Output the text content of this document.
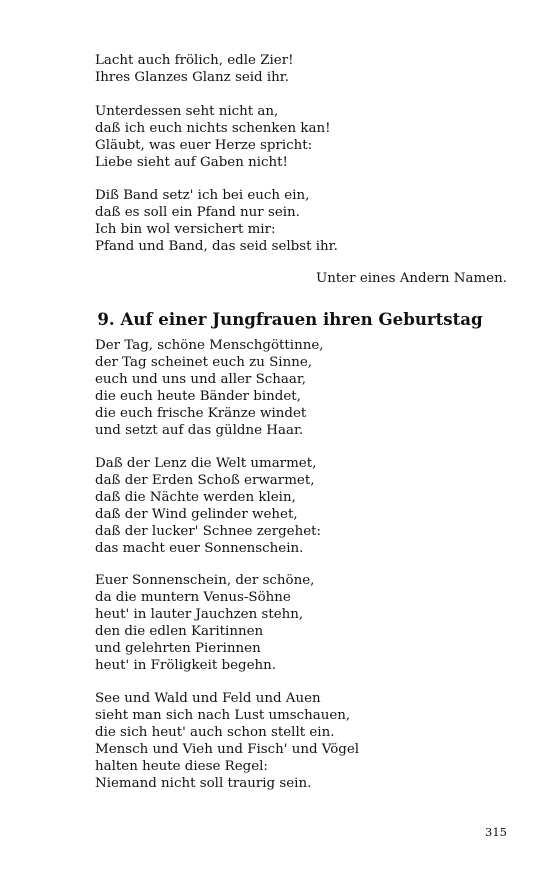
Lacht auch frölich, edle Zier!
Ihres Glanzes Glanz seid ihr.
Unterdessen seht nicht an,
daß ich euch nichts schenken kan!
Gläubt, was euer Herze spricht:
Liebe sieht auf Gaben nicht!
Diß Band setz' ich bei euch ein,
daß es soll ein Pfand nur sein.
Ich bin wol versichert mir:
Pfand und Band, das seid selbst ihr.
Unter eines Andern Namen.
9. Auf einer Jungfrauen ihren Geburtstag
Der Tag, schöne Menschgöttinne,
der Tag scheinet euch zu Sinne,
euch und uns und aller Schaar,
die euch heute Bänder bindet,
die euch frische Kränze windet
und setzt auf das güldne Haar.
Daß der Lenz die Welt umarmet,
daß der Erden Schoß erwarmet,
daß die Nächte werden klein,
daß der Wind gelinder wehet,
daß der lucker' Schnee zergehet:
das macht euer Sonnenschein.
Euer Sonnenschein, der schöne,
da die muntern Venus-Söhne
heut' in lauter Jauchzen stehn,
den die edlen Karitinnen
und gelehrten Pierinnen
heut' in Fröligkeit begehn.
See und Wald und Feld und Auen
sieht man sich nach Lust umschauen,
die sich heut' auch schon stellt ein.
Mensch und Vieh und Fisch' und Vögel
halten heute diese Regel:
Niemand nicht soll traurig sein.
315
